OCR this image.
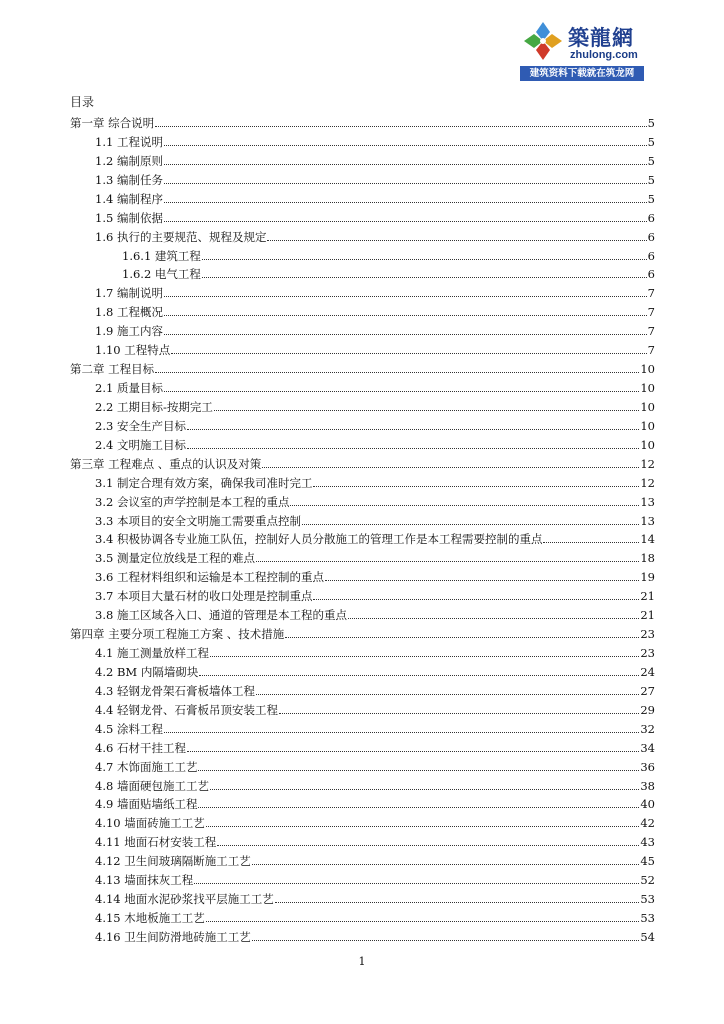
築龍網
zhulong.com
建筑资料下载就在筑龙网
目录
第一章 综合说明	5
1.1 工程说明	5
1.2 编制原则	5
1.3 编制任务	5
1.4 编制程序	5
1.5 编制依据	6
1.6 执行的主要规范、规程及规定	6
1.6.1 建筑工程	6
1.6.2 电气工程	6
1.7 编制说明	7
1.8 工程概况	7
1.9 施工内容	7
1.10 工程特点	7
第二章 工程目标	10
2.1 质量目标	10
2.2 工期目标-按期完工	10
2.3 安全生产目标	10
2.4 文明施工目标	10
第三章 工程难点 、重点的认识及对策	12
3.1 制定合理有效方案，确保我司准时完工	12
3.2 会议室的声学控制是本工程的重点	13
3.3 本项目的安全文明施工需要重点控制	13
3.4 积极协调各专业施工队伍，控制好人员分散施工的管理工作是本工程需要控制的重点	14
3.5 测量定位放线是工程的难点	18
3.6 工程材料组织和运输是本工程控制的重点	19
3.7 本项目大量石材的收口处理是控制重点	21
3.8 施工区域各入口、通道的管理是本工程的重点	21
第四章 主要分项工程施工方案 、技术措施	23
4.1 施工测量放样工程	23
4.2 BM 内隔墙砌块	24
4.3 轻钢龙骨架石膏板墙体工程	27
4.4 轻钢龙骨、石膏板吊顶安装工程	29
4.5 涂料工程	32
4.6 石材干挂工程	34
4.7 木饰面施工工艺	36
4.8 墙面硬包施工工艺	38
4.9 墙面贴墙纸工程	40
4.10 墙面砖施工工艺	42
4.11 地面石材安装工程	43
4.12 卫生间玻璃隔断施工工艺	45
4.13 墙面抹灰工程	52
4.14 地面水泥砂浆找平层施工工艺	53
4.15 木地板施工工艺	53
4.16 卫生间防滑地砖施工工艺	54
1
